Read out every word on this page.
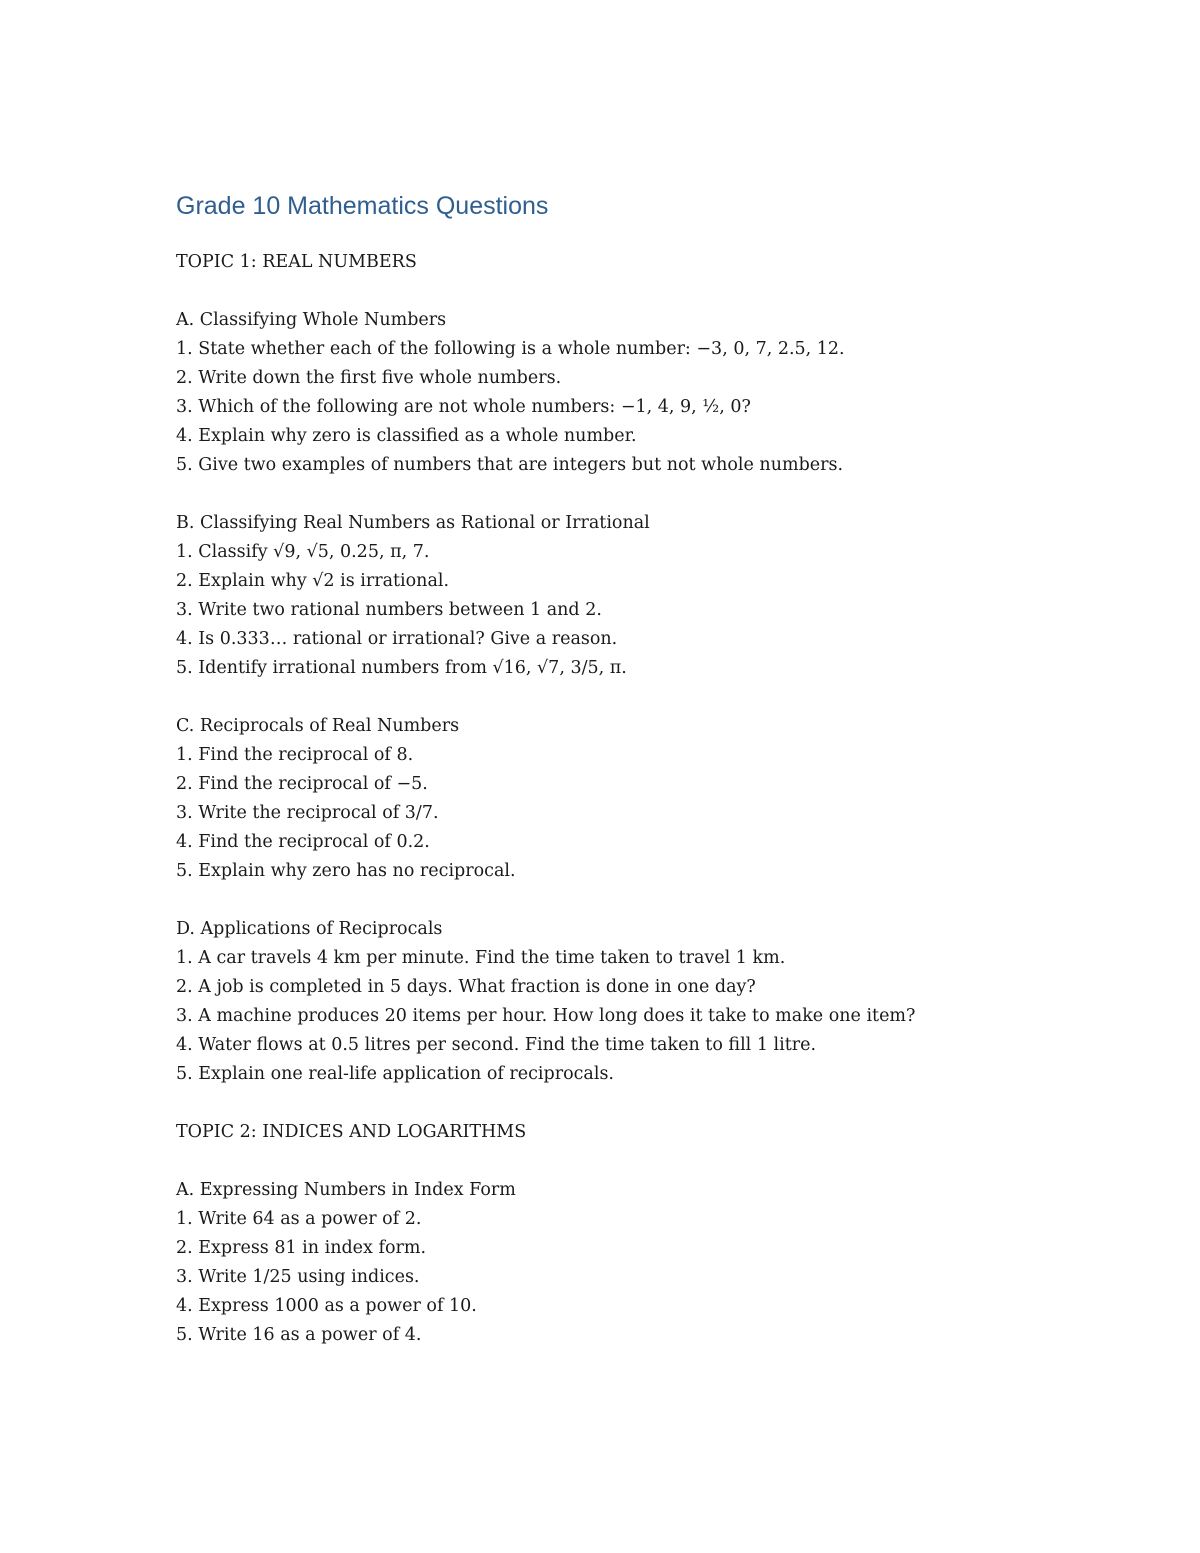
Grade 10 Mathematics Questions
TOPIC 1: REAL NUMBERS
A. Classifying Whole Numbers
1. State whether each of the following is a whole number: −3, 0, 7, 2.5, 12.
2. Write down the first five whole numbers.
3. Which of the following are not whole numbers: −1, 4, 9, ½, 0?
4. Explain why zero is classified as a whole number.
5. Give two examples of numbers that are integers but not whole numbers.
B. Classifying Real Numbers as Rational or Irrational
1. Classify √9, √5, 0.25, π, 7.
2. Explain why √2 is irrational.
3. Write two rational numbers between 1 and 2.
4. Is 0.333… rational or irrational? Give a reason.
5. Identify irrational numbers from √16, √7, 3/5, π.
C. Reciprocals of Real Numbers
1. Find the reciprocal of 8.
2. Find the reciprocal of −5.
3. Write the reciprocal of 3/7.
4. Find the reciprocal of 0.2.
5. Explain why zero has no reciprocal.
D. Applications of Reciprocals
1. A car travels 4 km per minute. Find the time taken to travel 1 km.
2. A job is completed in 5 days. What fraction is done in one day?
3. A machine produces 20 items per hour. How long does it take to make one item?
4. Water flows at 0.5 litres per second. Find the time taken to fill 1 litre.
5. Explain one real-life application of reciprocals.
TOPIC 2: INDICES AND LOGARITHMS
A. Expressing Numbers in Index Form
1. Write 64 as a power of 2.
2. Express 81 in index form.
3. Write 1/25 using indices.
4. Express 1000 as a power of 10.
5. Write 16 as a power of 4.
